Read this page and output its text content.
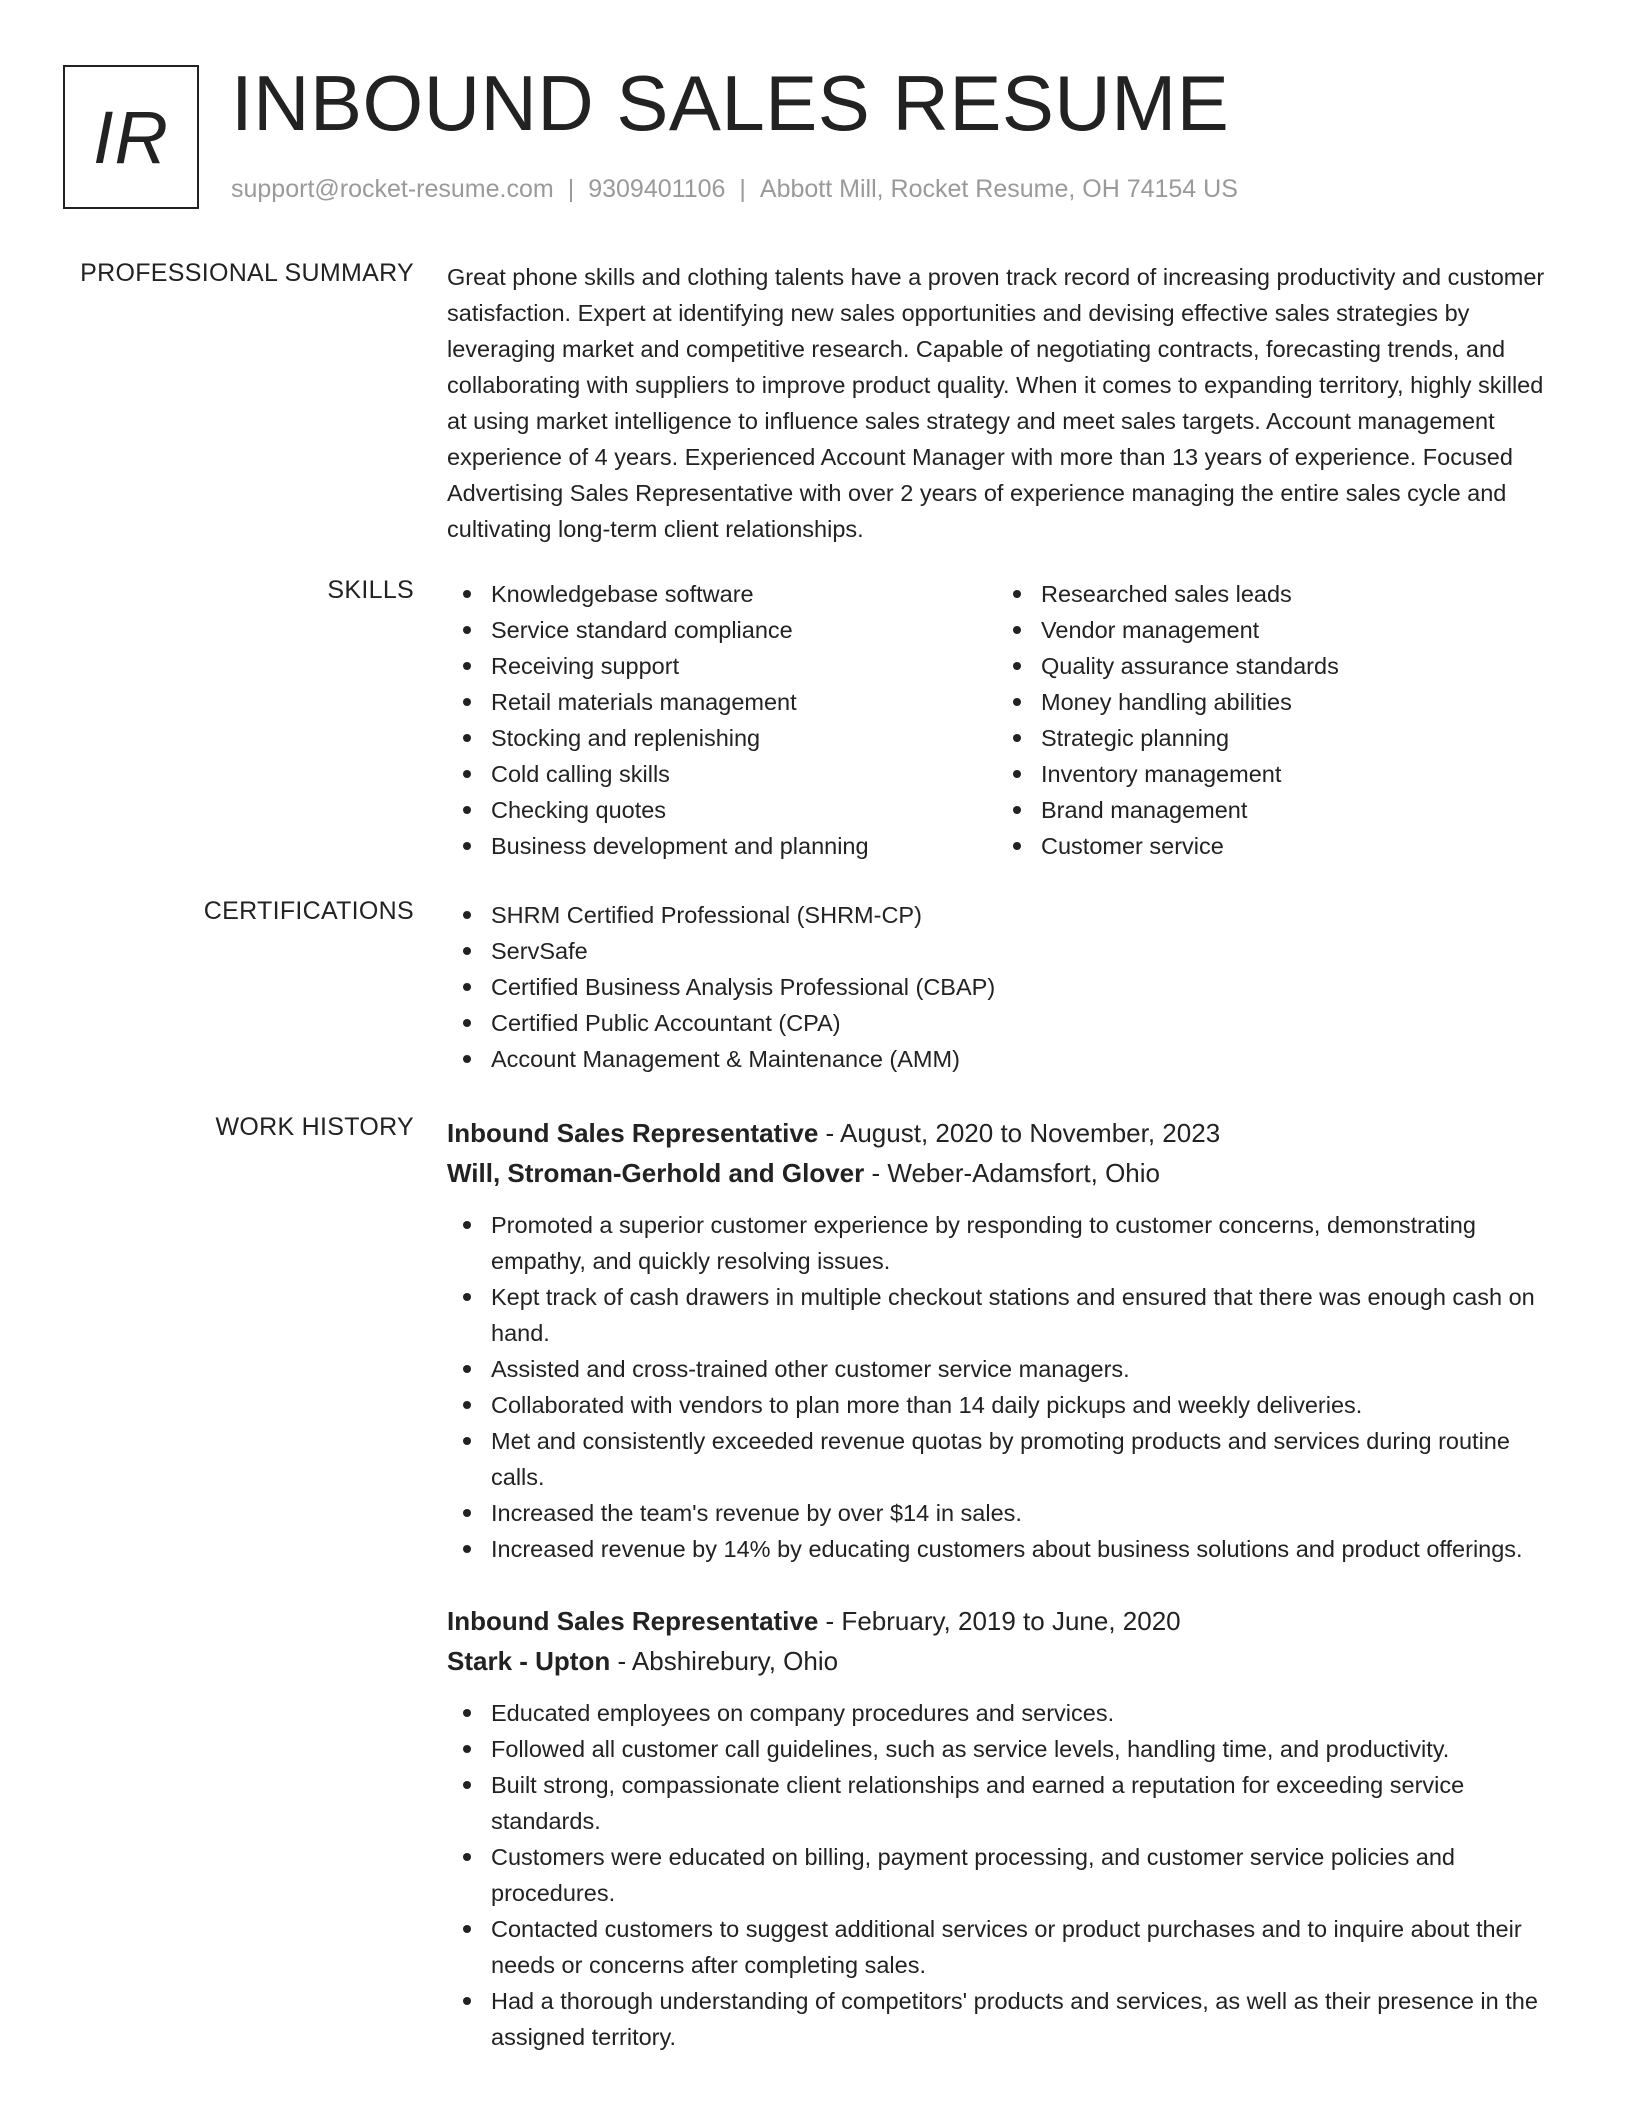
IR INBOUND SALES RESUME
support@rocket-resume.com | 9309401106 | Abbott Mill, Rocket Resume, OH 74154 US
PROFESSIONAL SUMMARY Great phone skills and clothing talents have a proven track record of increasing productivity and customer satisfaction. Expert at identifying new sales opportunities and devising effective sales strategies by leveraging market and competitive research. Capable of negotiating contracts, forecasting trends, and collaborating with suppliers to improve product quality. When it comes to expanding territory, highly skilled at using market intelligence to influence sales strategy and meet sales targets. Account management experience of 4 years. Experienced Account Manager with more than 13 years of experience. Focused Advertising Sales Representative with over 2 years of experience managing the entire sales cycle and cultivating long-term client relationships.
SKILLS	Knowledgebase software
Service standard compliance
Receiving support
Retail materials management
Stocking and replenishing
Cold calling skills
Checking quotes
Business development and planning
Researched sales leads
Vendor management
Quality assurance standards
Money handling abilities
Strategic planning
Inventory management
Brand management
Customer service
CERTIFICATIONS	SHRM Certified Professional (SHRM-CP)
ServSafe
Certified Business Analysis Professional (CBAP)
Certified Public Accountant (CPA)
Account Management & Maintenance (AMM)
WORK HISTORY Inbound Sales Representative - August, 2020 to November, 2023
Will, Stroman-Gerhold and Glover - Weber-Adamsfort, Ohio
Promoted a superior customer experience by responding to customer concerns, demonstrating empathy, and quickly resolving issues.
Kept track of cash drawers in multiple checkout stations and ensured that there was enough cash on hand.
Assisted and cross-trained other customer service managers.
Collaborated with vendors to plan more than 14 daily pickups and weekly deliveries.
Met and consistently exceeded revenue quotas by promoting products and services during routine calls.
Increased the team's revenue by over $14 in sales.
Increased revenue by 14% by educating customers about business solutions and product offerings.
Inbound Sales Representative - February, 2019 to June, 2020
Stark - Upton - Abshirebury, Ohio
Educated employees on company procedures and services.
Followed all customer call guidelines, such as service levels, handling time, and productivity.
Built strong, compassionate client relationships and earned a reputation for exceeding service standards.
Customers were educated on billing, payment processing, and customer service policies and procedures.
Contacted customers to suggest additional services or product purchases and to inquire about their needs or concerns after completing sales.
Had a thorough understanding of competitors' products and services, as well as their presence in the assigned territory.
